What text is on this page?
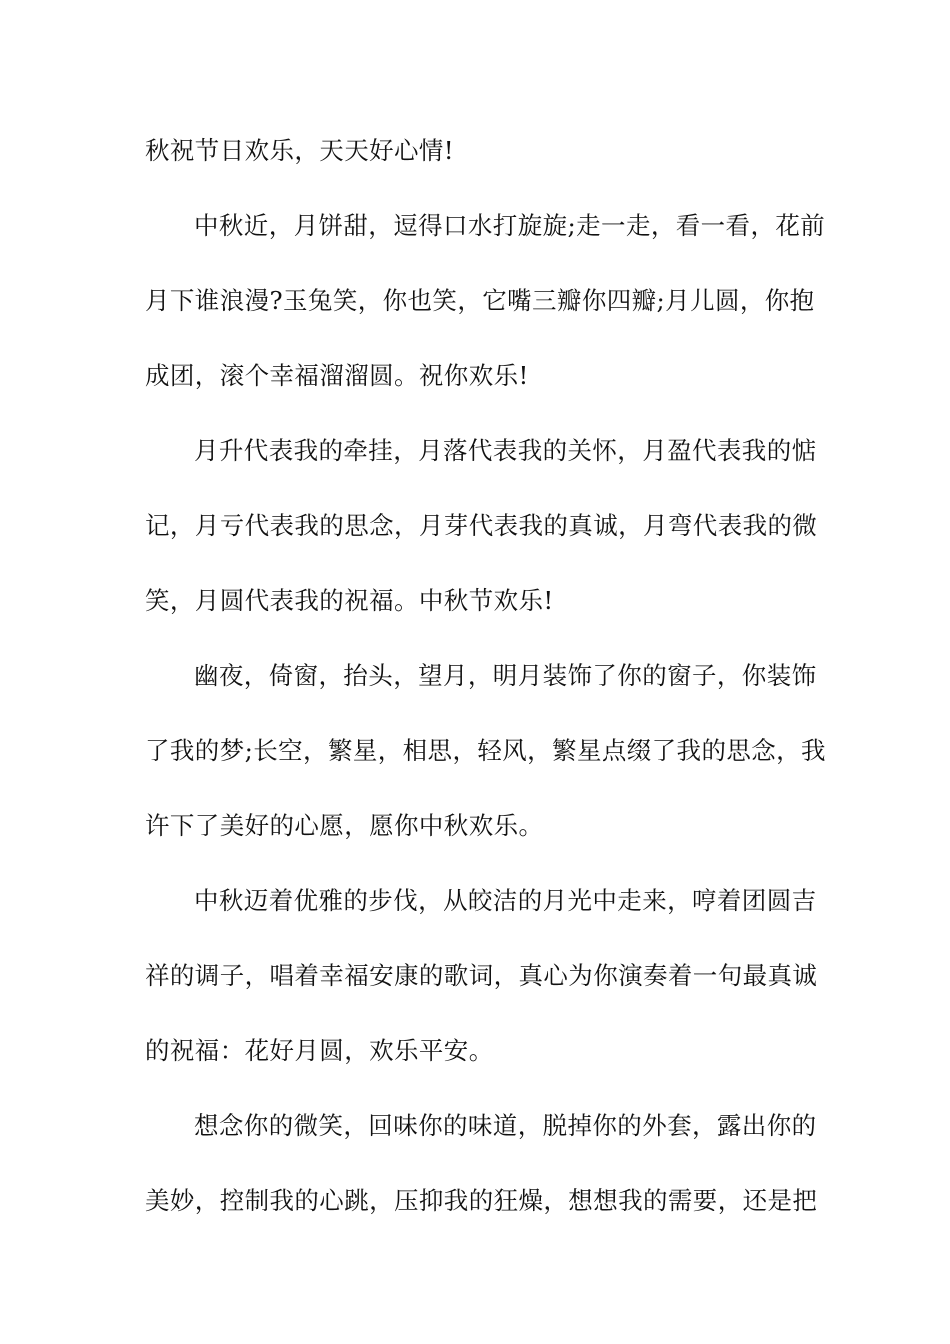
秋祝节日欢乐，天天好心情!
中秋近，月饼甜，逗得口水打旋旋;走一走，看一看，花前
月下谁浪漫?玉兔笑，你也笑，它嘴三瓣你四瓣;月儿圆，你抱
成团，滚个幸福溜溜圆。祝你欢乐!
月升代表我的牵挂，月落代表我的关怀，月盈代表我的惦
记，月亏代表我的思念，月芽代表我的真诚，月弯代表我的微
笑，月圆代表我的祝福。中秋节欢乐!
幽夜，倚窗，抬头，望月，明月装饰了你的窗子，你装饰
了我的梦;长空，繁星，相思，轻风，繁星点缀了我的思念，我
许下了美好的心愿，愿你中秋欢乐。
中秋迈着优雅的步伐，从皎洁的月光中走来，哼着团圆吉
祥的调子，唱着幸福安康的歌词，真心为你演奏着一句最真诚
的祝福：花好月圆，欢乐平安。
想念你的微笑，回味你的味道，脱掉你的外套，露出你的
美妙，控制我的心跳，压抑我的狂燥，想想我的需要，还是把
